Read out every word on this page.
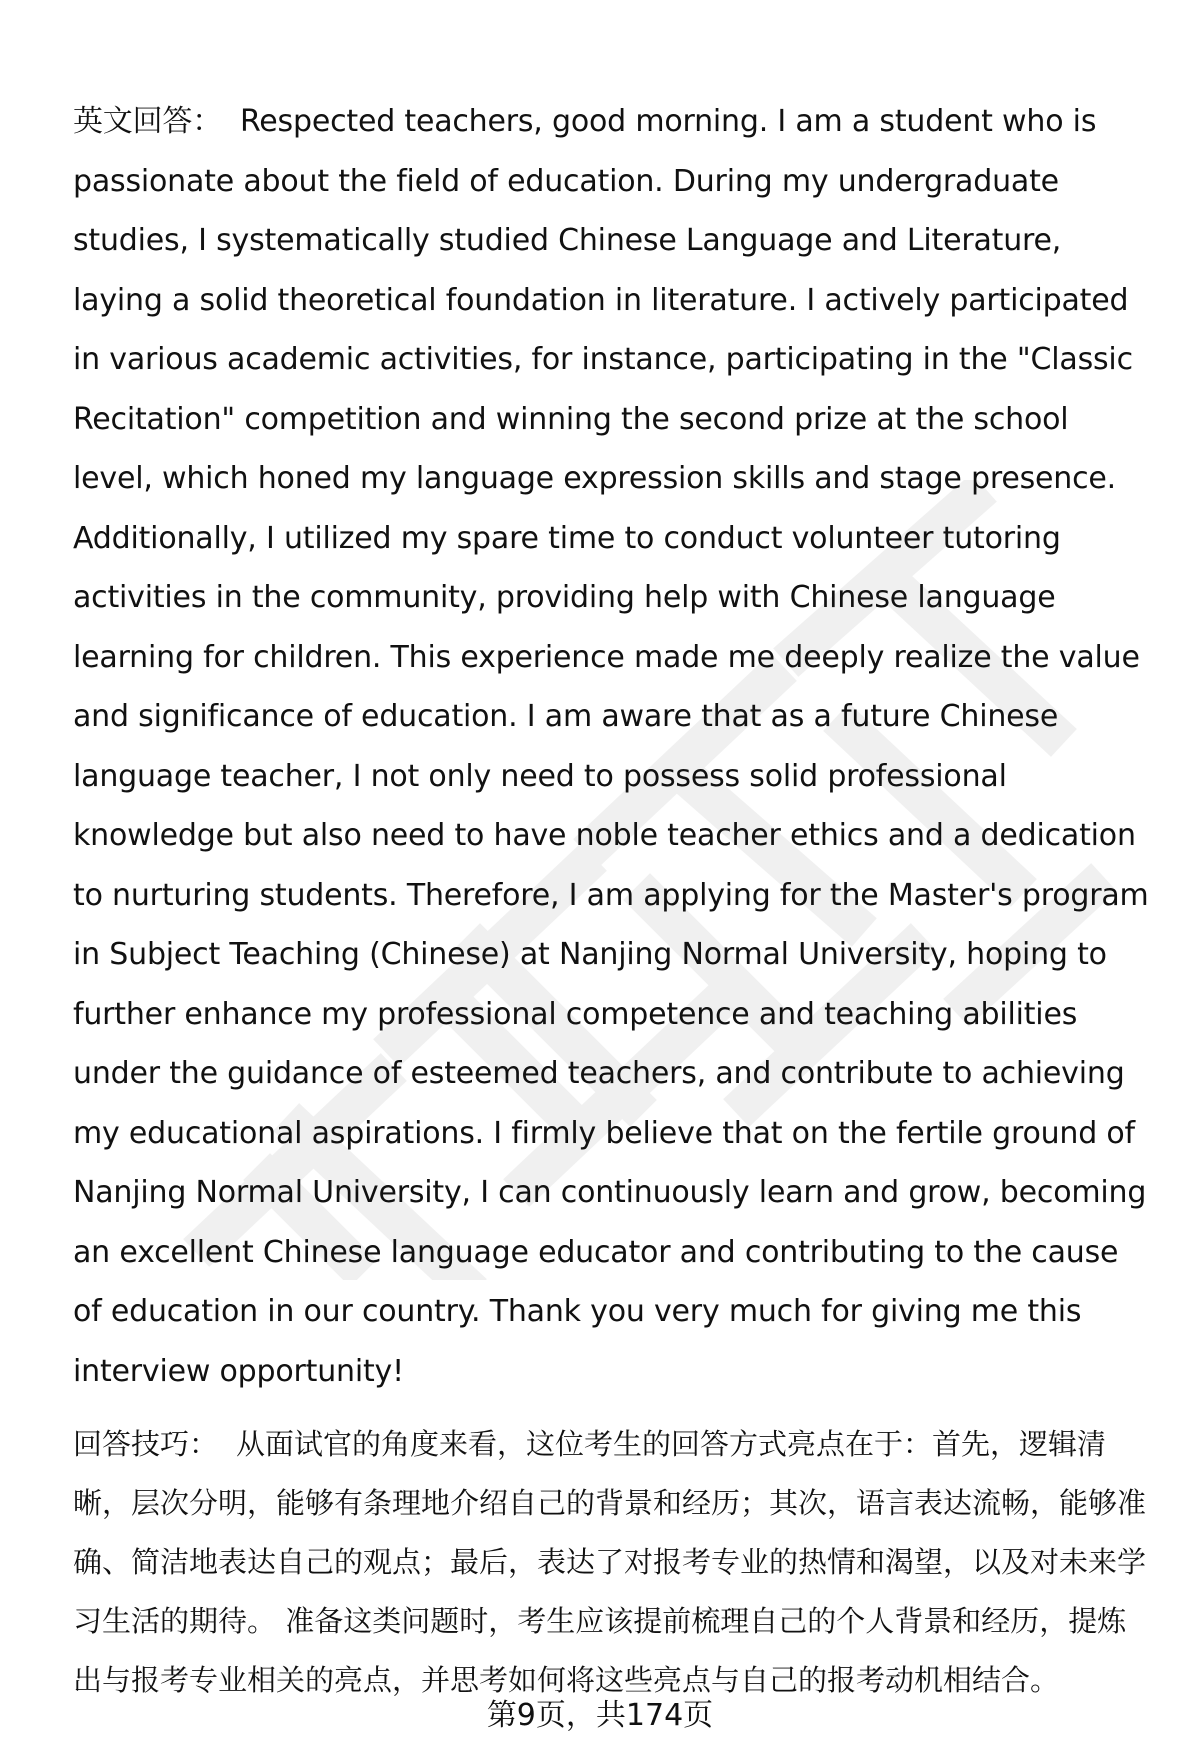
英文回答： Respected teachers, good morning. I am a student who is passionate about the field of education. During my undergraduate studies, I systematically studied Chinese Language and Literature, laying a solid theoretical foundation in literature. I actively participated in various academic activities, for instance, participating in the "Classic Recitation" competition and winning the second prize at the school level, which honed my language expression skills and stage presence. Additionally, I utilized my spare time to conduct volunteer tutoring activities in the community, providing help with Chinese language learning for children. This experience made me deeply realize the value and significance of education. I am aware that as a future Chinese language teacher, I not only need to possess solid professional knowledge but also need to have noble teacher ethics and a dedication to nurturing students. Therefore, I am applying for the Master's program in Subject Teaching (Chinese) at Nanjing Normal University, hoping to further enhance my professional competence and teaching abilities under the guidance of esteemed teachers, and contribute to achieving my educational aspirations. I firmly believe that on the fertile ground of Nanjing Normal University, I can continuously learn and grow, becoming an excellent Chinese language educator and contributing to the cause of education in our country. Thank you very much for giving me this interview opportunity!

回答技巧： 从面试官的角度来看，这位考生的回答方式亮点在于：首先，逻辑清晰，层次分明，能够有条理地介绍自己的背景和经历；其次，语言表达流畅，能够准确、简洁地表达自己的观点；最后，表达了对报考专业的热情和渴望，以及对未来学习生活的期待。 准备这类问题时，考生应该提前梳理自己的个人背景和经历，提炼出与报考专业相关的亮点，并思考如何将这些亮点与自己的报考动机相结合。

第9页，共174页
